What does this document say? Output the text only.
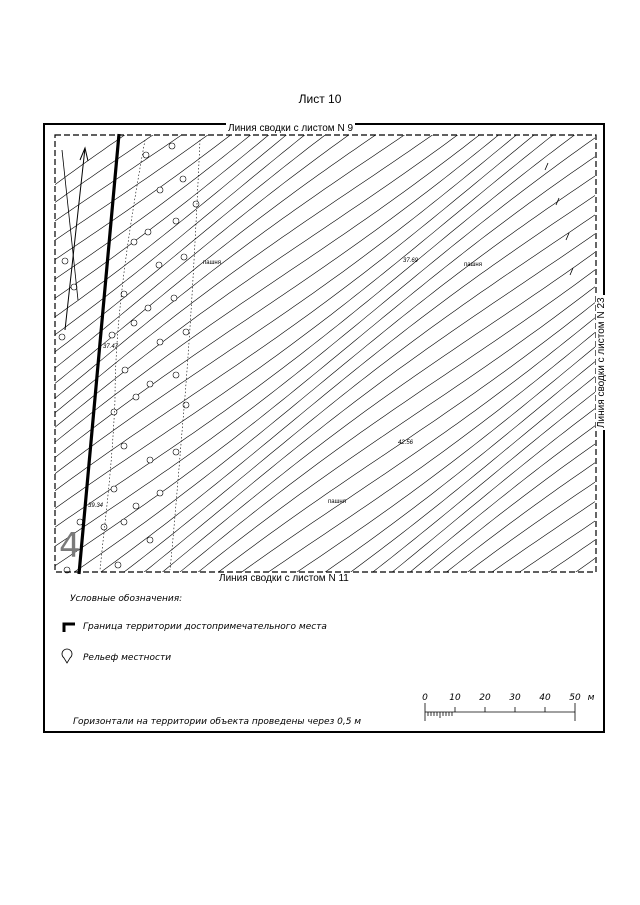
Лист 10
Линия сводки с листом N 9
Линия сводки с листом N 11
Линия сводки с листом N 23
пашня	пашня
пашня
37.69
42.56
37.47
39.34
4
Условные обозначения:
Граница территории достопримечательного места
Рельеф местности
Горизонтали на территории объекта проведены через 0,5 м
0 10 20 30 40 50 м
